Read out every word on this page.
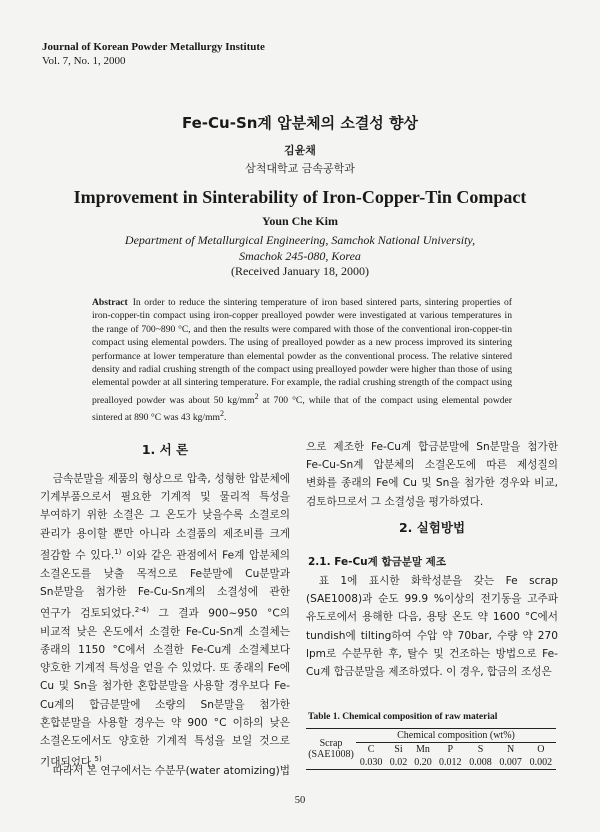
Journal of Korean Powder Metallurgy Institute
Vol. 7, No. 1, 2000
Fe-Cu-Sn계 압분체의 소결성 향상
김윤채
삼척대학교 금속공학과
Improvement in Sinterability of Iron-Copper-Tin Compact
Youn Che Kim
Department of Metallurgical Engineering, Samchok National University,
Smachok 245-080, Korea
(Received January 18, 2000)
Abstract In order to reduce the sintering temperature of iron based sintered parts, sintering properties of iron-copper-tin compact using iron-copper prealloyed powder were investigated at various temperatures in the range of 700~890 °C, and then the results were compared with those of the conventional iron-copper-tin compact using elemental powders. The using of prealloyed powder as a new process improved its sintering performance at lower temperature than elemental powder as the conventional process. The relative sintered density and radial crushing strength of the compact using prealloyed powder were higher than those of using elemental powder at all sintering temperature. For example, the radial crushing strength of the compact using prealloyed powder was about 50 $kg/mm^2$ at 700 °C, while that of the compact using elemental powder sintered at 890 °C was 43 $kg/mm^2$.
1. 서 론
금속분말을 제품의 형상으로 압축, 성형한 압분체에 기계부품으로서 필요한 기계적 및 물리적 특성을 부여하기 위한 소결은 그 온도가 낮을수록 소결로의 관리가 용이할 뿐만 아니라 소결품의 제조비를 크게 절감할 수 있다.$^{1)}$ 이와 같은 관점에서 Fe계 압분체의 소결온도를 낮출 목적으로 Fe분말에 Cu분말과 Sn분말을 첨가한 Fe-Cu-Sn계의 소결성에 관한 연구가 검토되었다.$^{2-4)}$ 그 결과 900~950 °C의 비교적 낮은 온도에서 소결한 Fe-Cu-Sn계 소결체는 종래의 1150 °C에서 소결한 Fe-Cu계 소결체보다 양호한 기계적 특성을 얻을 수 있었다. 또 종래의 Fe에 Cu 및 Sn을 첨가한 혼합분말을 사용할 경우보다 Fe-Cu계의 합금분말에 소량의 Sn분말을 첨가한 혼합분말을 사용할 경우는 약 900 °C 이하의 낮은 소결온도에서도 양호한 기계적 특성을 보일 것으로 기대되었다.$^{5)}$
따라서 본 연구에서는 수분무(water atomizing)법
으로 제조한 Fe-Cu계 합금분말에 Sn분말을 첨가한 Fe-Cu-Sn계 압분체의 소결온도에 따른 제성질의 변화를 종래의 Fe에 Cu 및 Sn을 첨가한 경우와 비교, 검토하므로서 그 소결성을 평가하였다.
2. 실험방법
2.1. Fe-Cu계 합금분말 제조
표 1에 표시한 화학성분을 갖는 Fe scrap (SAE1008)과 순도 99.9 %이상의 전기동을 고주파 유도로에서 용해한 다음, 용탕 온도 약 1600 °C에서 tundish에 tilting하여 수압 약 70bar, 수량 약 270 lpm로 수분무한 후, 탈수 및 건조하는 방법으로 Fe-Cu계 합금분말을 제조하였다. 이 경우, 합금의 조성은
Table 1. Chemical composition of raw material
Scrap (SAE1008)	Chemical composition (wt%)						
	C	Si	Mn	P	S	N	O
	0.030	0.02	0.20	0.012	0.008	0.007	0.002
50
